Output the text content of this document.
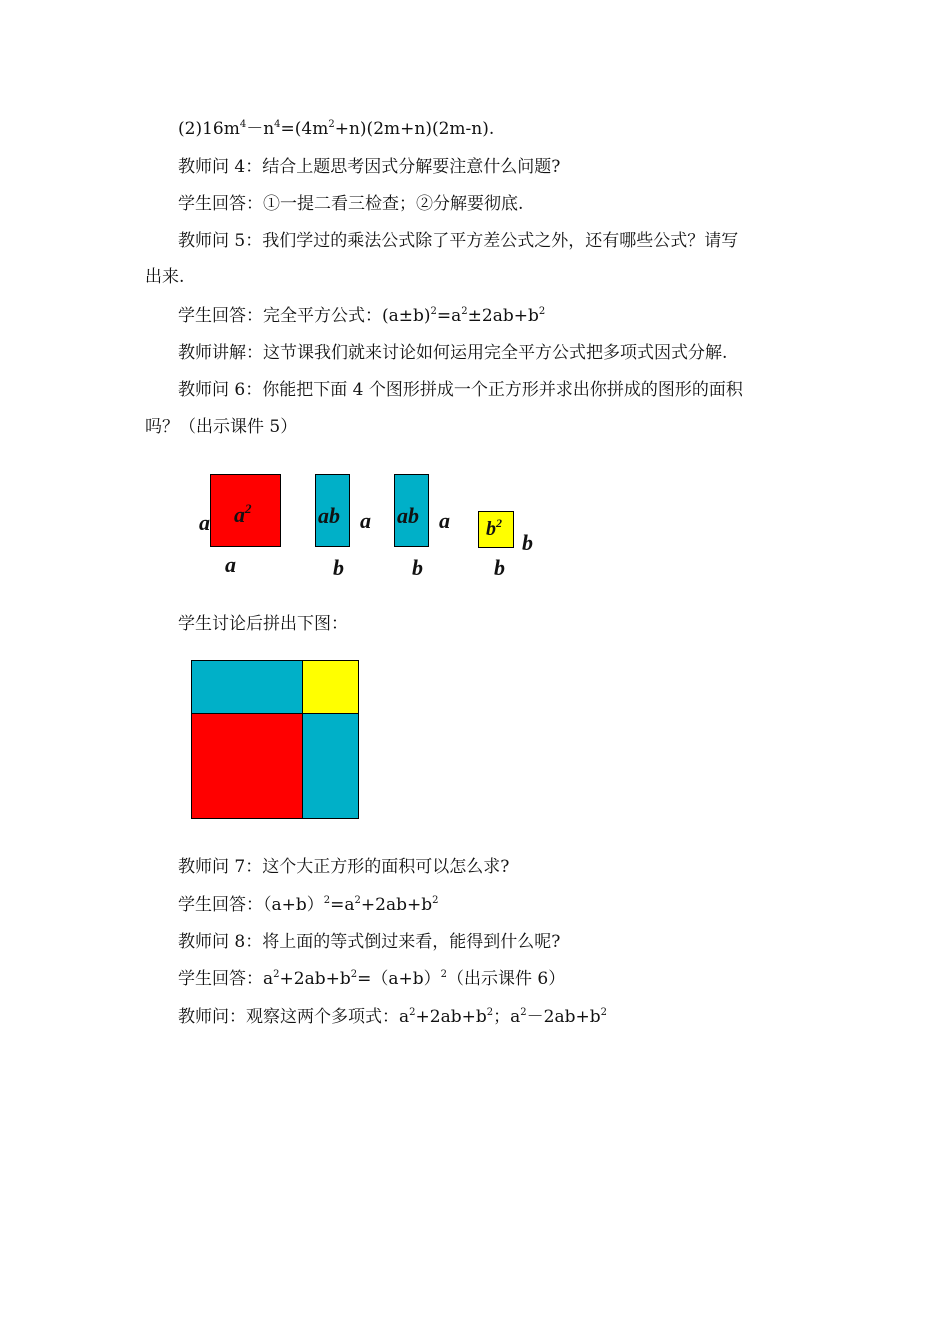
$(2)16m^4-n^4=(4m^2+n)(2m+n)(2m-n)$.
教师问 4：结合上题思考因式分解要注意什么问题?
学生回答：①一提二看三检查；②分解要彻底.
教师问 5：我们学过的乘法公式除了平方差公式之外，还有哪些公式？请写
出来.
学生回答：完全平方公式：$(a\pm b)^2=a^2\pm 2ab+b^2$
教师讲解：这节课我们就来讨论如何运用完全平方公式把多项式因式分解.
教师问 6：你能把下面 4 个图形拼成一个正方形并求出你拼成的图形的面积
吗？（出示课件 5）
$a^2$
a
a
ab a
b
ab a
b
$b^2$
b
b
学生讨论后拼出下图：
教师问 7：这个大正方形的面积可以怎么求?
学生回答：$(a+b)^2=a^2+2ab+b^2$
教师问 8：将上面的等式倒过来看，能得到什么呢?
学生回答：$a^2+2ab+b^2=(a+b)^2$（出示课件 6）
教师问：观察这两个多项式：$a^2+2ab+b^2$；$a^2-2ab+b^2$
